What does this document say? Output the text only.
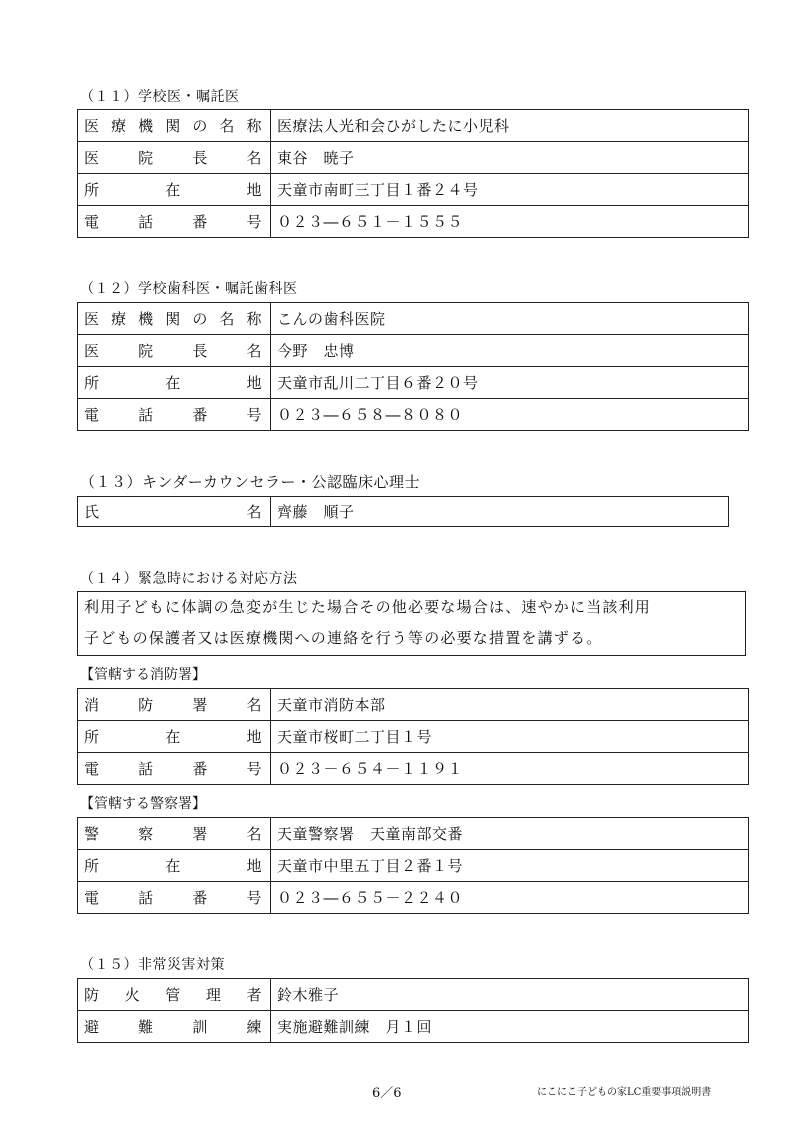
（１１）学校医・嘱託医
医療機関の名称	医療法人光和会ひがしたに小児科
医院長名	東谷　暁子
所在地	天童市南町三丁目１番２４号
電話番号	０２３―６５１－１５５５
（１２）学校歯科医・嘱託歯科医
医療機関の名称	こんの歯科医院
医院長名	今野　忠博
所在地	天童市乱川二丁目６番２０号
電話番号	０２３―６５８―８０８０
（１３）キンダーカウンセラー・公認臨床心理士
氏名	齊藤　順子
（１４）緊急時における対応方法
利用子どもに体調の急変が生じた場合その他必要な場合は、速やかに当該利用
子どもの保護者又は医療機関への連絡を行う等の必要な措置を講ずる。
【管轄する消防署】
消防署名	天童市消防本部
所在地	天童市桜町二丁目１号
電話番号	０２３－６５４－１１９１
【管轄する警察署】
警察署名	天童警察署　天童南部交番
所在地	天童市中里五丁目２番１号
電話番号	０２３―６５５－２２４０
（１５）非常災害対策
防火管理者	鈴木雅子
避難訓練	実施避難訓練　月１回
6／6	にこにこ子どもの家LC重要事項説明書
